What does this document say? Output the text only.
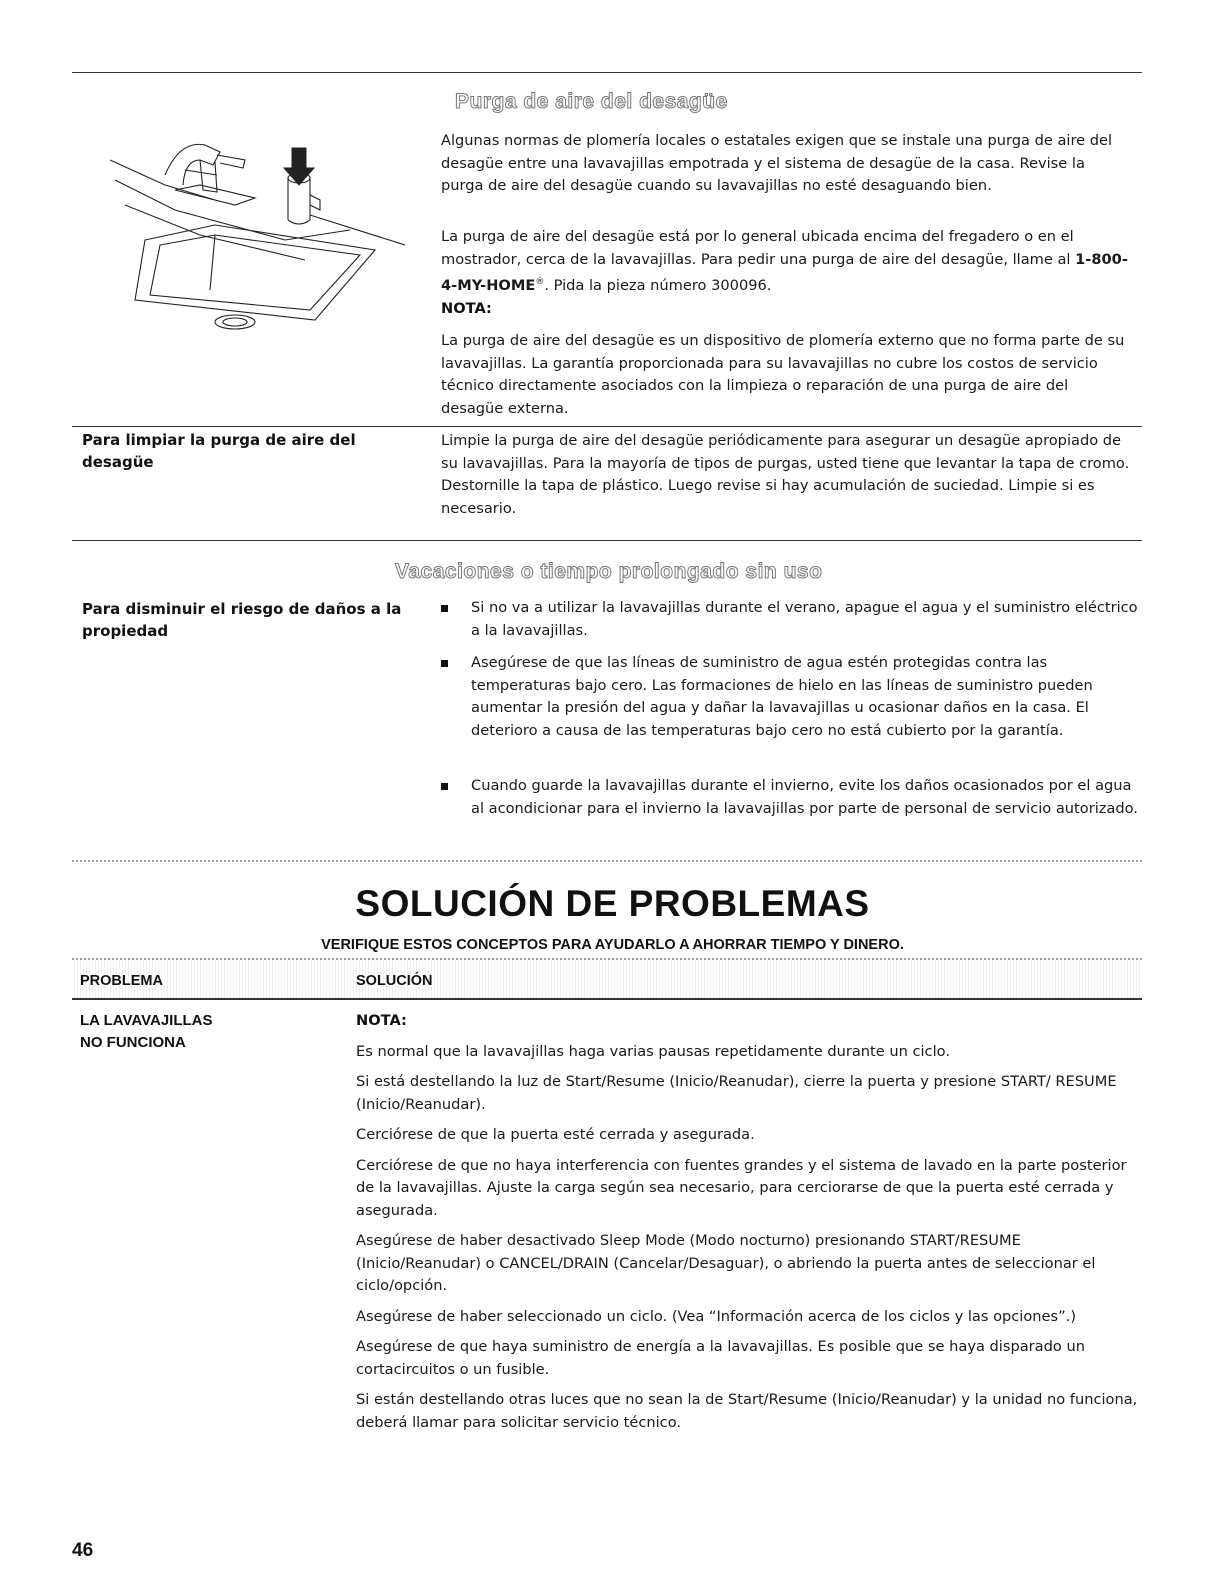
Purga de aire del desagüe

Algunas normas de plomería locales o estatales exigen que se instale una purga de aire del desagüe entre una lavavajillas empotrada y el sistema de desagüe de la casa. Revise la purga de aire del desagüe cuando su lavavajillas no esté desaguando bien.

La purga de aire del desagüe está por lo general ubicada encima del fregadero o en el mostrador, cerca de la lavavajillas. Para pedir una purga de aire del desagüe, llame al 1-800-4-MY-HOME®. Pida la pieza número 300096.

NOTA:

La purga de aire del desagüe es un dispositivo de plomería externo que no forma parte de su lavavajillas. La garantía proporcionada para su lavavajillas no cubre los costos de servicio técnico directamente asociados con la limpieza o reparación de una purga de aire del desagüe externa.

Para limpiar la purga de aire del desagüe

Limpie la purga de aire del desagüe periódicamente para asegurar un desagüe apropiado de su lavavajillas. Para la mayoría de tipos de purgas, usted tiene que levantar la tapa de cromo. Destornille la tapa de plástico. Luego revise si hay acumulación de suciedad. Limpie si es necesario.

Vacaciones o tiempo prolongado sin uso
Para disminuir el riesgo de daños a la propiedad

Si no va a utilizar la lavavajillas durante el verano, apague el agua y el suministro eléctrico a la lavavajillas.

Asegúrese de que las líneas de suministro de agua estén protegidas contra las temperaturas bajo cero. Las formaciones de hielo en las líneas de suministro pueden aumentar la presión del agua y dañar la lavavajillas u ocasionar daños en la casa. El deterioro a causa de las temperaturas bajo cero no está cubierto por la garantía.

Cuando guarde la lavavajillas durante el invierno, evite los daños ocasionados por el agua al acondicionar para el invierno la lavavajillas por parte de personal de servicio autorizado.

SOLUCIÓN DE PROBLEMAS
VERIFIQUE ESTOS CONCEPTOS PARA AYUDARLO A AHORRAR TIEMPO Y DINERO.
PROBLEMA	SOLUCIÓN
LA LAVAVAJILLAS
NO FUNCIONA
NOTA:

Es normal que la lavavajillas haga varias pausas repetidamente durante un ciclo.

Si está destellando la luz de Start/Resume (Inicio/Reanudar), cierre la puerta y presione START/ RESUME (Inicio/Reanudar).

Cerciórese de que la puerta esté cerrada y asegurada.

Cerciórese de que no haya interferencia con fuentes grandes y el sistema de lavado en la parte posterior de la lavavajillas. Ajuste la carga según sea necesario, para cerciorarse de que la puerta esté cerrada y asegurada.

Asegúrese de haber desactivado Sleep Mode (Modo nocturno) presionando START/RESUME (Inicio/Reanudar) o CANCEL/DRAIN (Cancelar/Desaguar), o abriendo la puerta antes de seleccionar el ciclo/opción.

Asegúrese de haber seleccionado un ciclo. (Vea “Información acerca de los ciclos y las opciones”.)

Asegúrese de que haya suministro de energía a la lavavajillas. Es posible que se haya disparado un cortacircuitos o un fusible.

Si están destellando otras luces que no sean la de Start/Resume (Inicio/Reanudar) y la unidad no funciona, deberá llamar para solicitar servicio técnico.

46
